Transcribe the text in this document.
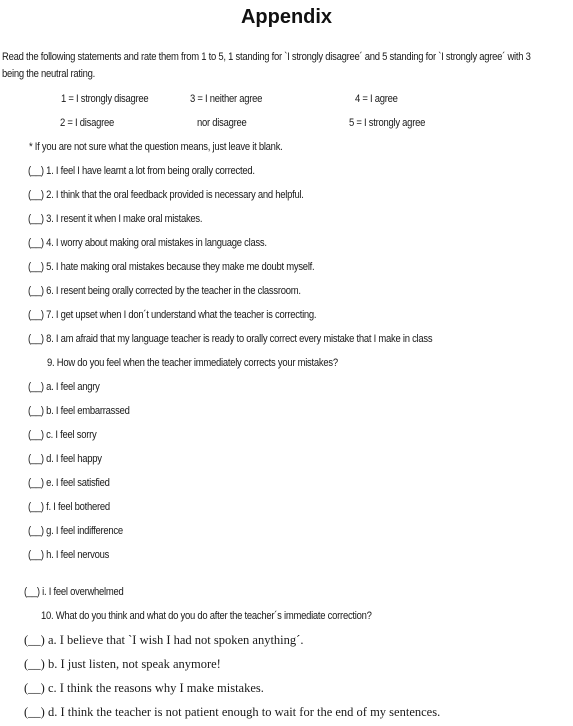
Appendix
Read the following statements and rate them from 1 to 5, 1 standing for `I strongly disagree´ and 5 standing for `I strongly agree´ with 3
being the neutral rating.
1 = I strongly disagree	3 = I neither agree	4 = I agree
2 = I disagree	nor disagree	5 = I strongly agree
* If you are not sure what the question means, just leave it blank.
(__) 1. I feel I have learnt a lot from being orally corrected.
(__) 2. I think that the oral feedback provided is necessary and helpful.
(__) 3. I resent it when I make oral mistakes.
(__) 4. I worry about making oral mistakes in language class.
(__) 5. I hate making oral mistakes because they make me doubt myself.
(__) 6. I resent being orally corrected by the teacher in the classroom.
(__) 7. I get upset when I don´t understand what the teacher is correcting.
(__) 8. I am afraid that my language teacher is ready to orally correct every mistake that I make in class
9. How do you feel when the teacher immediately corrects your mistakes?
(__) a. I feel angry
(__) b. I feel embarrassed
(__) c. I feel sorry
(__) d. I feel happy
(__) e. I feel satisfied
(__) f. I feel bothered
(__) g. I feel indifference
(__) h. I feel nervous
(__) i. I feel overwhelmed
10. What do you think and what do you do after the teacher´s immediate correction?
(__) a. I believe that `I wish I had not spoken anything´.
(__) b. I just listen, not speak anymore!
(__) c. I think the reasons why I make mistakes.
(__) d. I think the teacher is not patient enough to wait for the end of my sentences.
